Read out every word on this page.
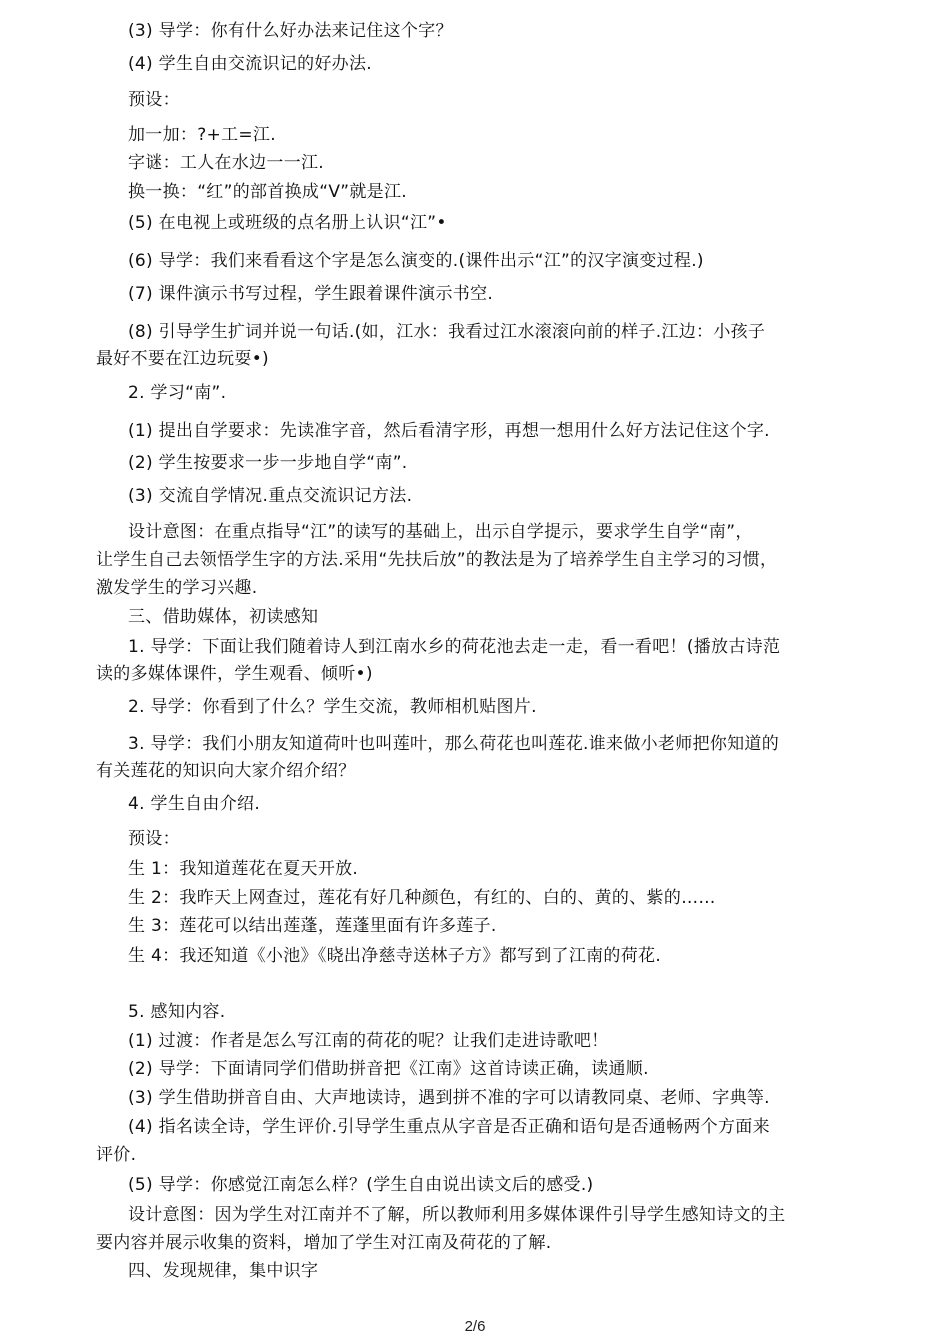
(3) 导学：你有什么好办法来记住这个字？
(4) 学生自由交流识记的好办法.
预设：
加一加：?+工=江.
字谜：工人在水边一一江.
换一换：“红”的部首换成“V”就是江.
(5) 在电视上或班级的点名册上认识“江”•
(6) 导学：我们来看看这个字是怎么演变的.(课件出示“江”的汉字演变过程.)
(7) 课件演示书写过程，学生跟着课件演示书空.
(8) 引导学生扩词并说一句话.(如，江水：我看过江水滚滚向前的样子.江边：小孩子
最好不要在江边玩耍•)
2. 学习“南”.
(1) 提出自学要求：先读准字音，然后看清字形，再想一想用什么好方法记住这个字.
(2) 学生按要求一步一步地自学“南”.
(3) 交流自学情况.重点交流识记方法.
设计意图：在重点指导“江”的读写的基础上，出示自学提示，要求学生自学“南”，
让学生自己去领悟学生字的方法.采用“先扶后放”的教法是为了培养学生自主学习的习惯，
激发学生的学习兴趣.
三、借助媒体，初读感知
1. 导学：下面让我们随着诗人到江南水乡的荷花池去走一走，看一看吧！(播放古诗范
读的多媒体课件，学生观看、倾听•)
2. 导学：你看到了什么？学生交流，教师相机贴图片.
3. 导学：我们小朋友知道荷叶也叫莲叶，那么荷花也叫莲花.谁来做小老师把你知道的
有关莲花的知识向大家介绍介绍？
4. 学生自由介绍.
预设：
生 1：我知道莲花在夏天开放.
生 2：我昨天上网查过，莲花有好几种颜色，有红的、白的、黄的、紫的……
生 3：莲花可以结出莲蓬，莲蓬里面有许多莲子.
生 4：我还知道《小池》《晓出净慈寺送林子方》都写到了江南的荷花.
5. 感知内容.
(1) 过渡：作者是怎么写江南的荷花的呢？让我们走进诗歌吧！
(2) 导学：下面请同学们借助拼音把《江南》这首诗读正确，读通顺.
(3) 学生借助拼音自由、大声地读诗，遇到拼不准的字可以请教同桌、老师、字典等.
(4) 指名读全诗，学生评价.引导学生重点从字音是否正确和语句是否通畅两个方面来
评价.
(5) 导学：你感觉江南怎么样？(学生自由说出读文后的感受.)
设计意图：因为学生对江南并不了解，所以教师利用多媒体课件引导学生感知诗文的主
要内容并展示收集的资料，增加了学生对江南及荷花的了解.
四、发现规律，集中识字
2/6
